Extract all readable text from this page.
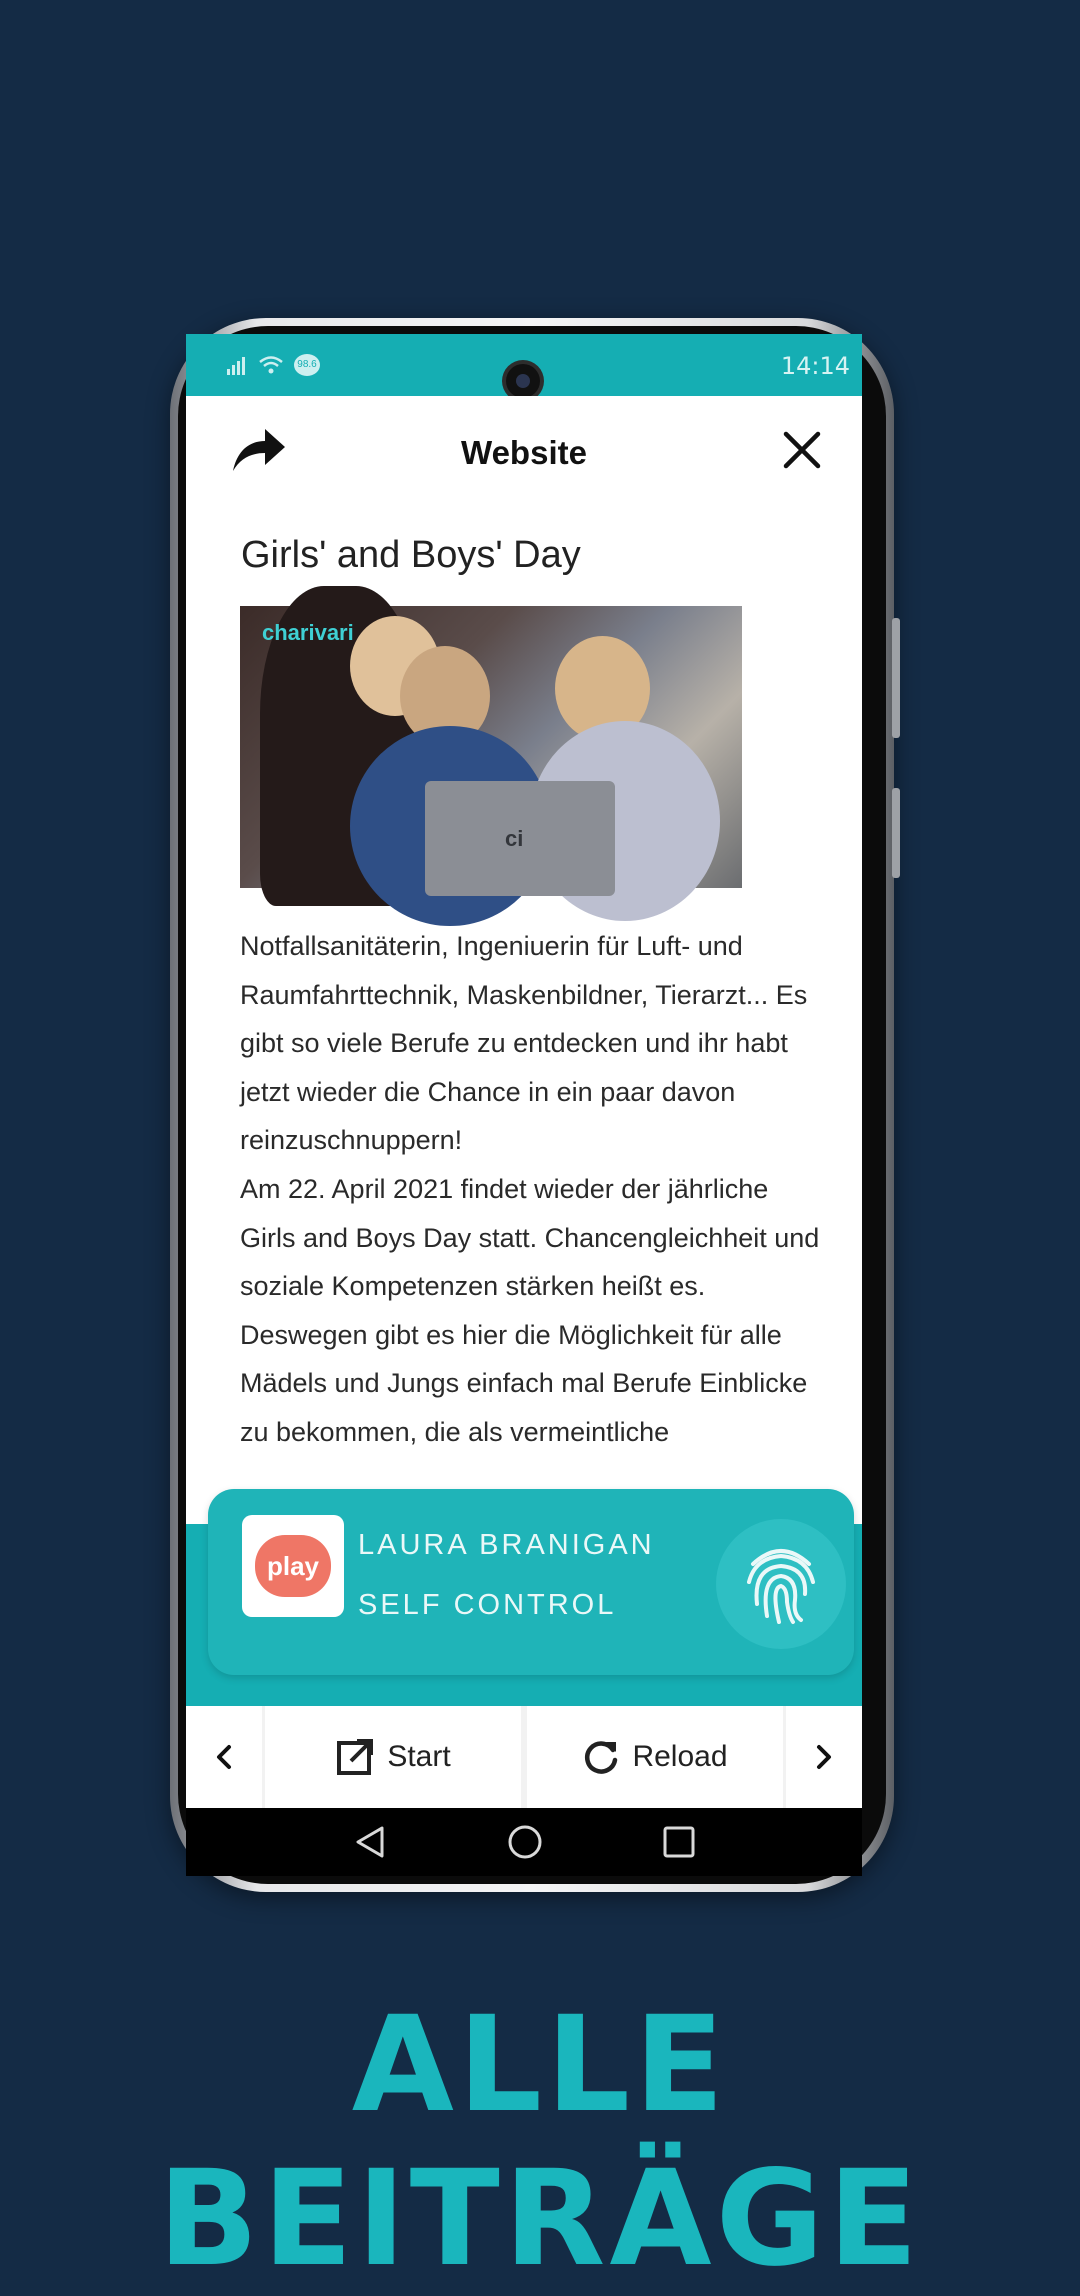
98.6	14:14
Website
Girls' and Boys' Day
ci
charivari

Notfallsanitäterin, Ingeniuerin für Luft- und Raumfahrttechnik, Maskenbildner, Tierarzt... Es gibt so viele Berufe zu entdecken und ihr habt jetzt wieder die Chance in ein paar davon reinzuschnuppern!

Am 22. April 2021 findet wieder der jährliche Girls and Boys Day statt. Chancengleichheit und soziale Kompetenzen stärken heißt es. Deswegen gibt es hier die Möglichkeit für alle Mädels und Jungs einfach mal Berufe Einblicke zu bekommen, die als vermeintliche

play
LAURA BRANIGAN
SELF CONTROL
Start	Reload
ALLE BEITRÄGE
